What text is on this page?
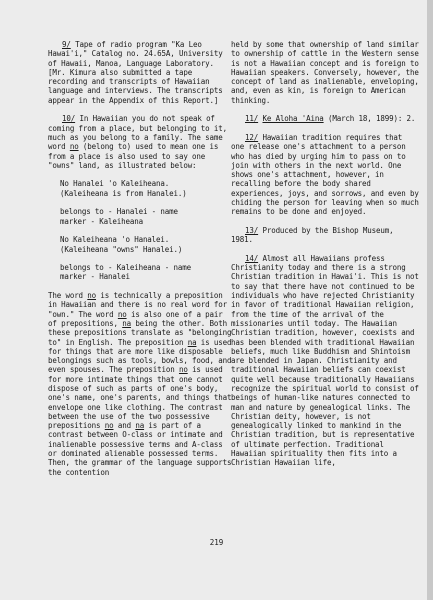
9/ Tape of radio program "Ka Leo Hawai'i," Catalog no. 24.65A, University of Hawaii, Manoa, Language Laboratory. [Mr. Kimura also submitted a tape recording and transcripts of Hawaiian language and interviews. The transcripts appear in the Appendix of this Report.]

10/ In Hawaiian you do not speak of coming from a place, but belonging to it, much as you belong to a family. The same word no (belong to) used to mean one is from a place is also used to say one "owns" land, as illustrated below:

No Hanalei 'o Kaleiheana.
(Kaleiheana is from Hanalei.)

belongs to - Hanalei - name
marker - Kaleiheana

No Kaleiheana 'o Hanalei.
(Kaleiheana "owns" Hanalei.)

belongs to - Kaleiheana - name
marker - Hanalei

The word no is technically a preposition in Hawaiian and there is no real word for "own." The word no is also one of a pair of prepositions, na being the other. Both these prepositions translate as "belonging to" in English. The preposition na is used for things that are more like disposable belongings such as tools, bowls, food, and even spouses. The preposition no is used for more intimate things that one cannot dispose of such as parts of one's body, one's name, one's parents, and things that envelope one like clothing. The contrast between the use of the two possessive prepositions no and na is part of a contrast between O-class or intimate and inalienable possessive terms and A-class or dominated alienable possessed terms. Then, the grammar of the language supports the contention

held by some that ownership of land similar to ownership of cattle in the Western sense is not a Hawaiian concept and is foreign to Hawaiian speakers. Conversely, however, the concept of land as inalienable, enveloping, and, even as kin, is foreign to American thinking.

11/ Ke Aloha 'Aina (March 18, 1899): 2.

12/ Hawaiian tradition requires that one release one's attachment to a person who has died by urging him to pass on to join with others in the next world. One shows one's attachment, however, in recalling before the body shared experiences, joys, and sorrows, and even by chiding the person for leaving when so much remains to be done and enjoyed.

13/ Produced by the Bishop Museum, 1981.

14/ Almost all Hawaiians profess Christianity today and there is a strong Christian tradition in Hawai'i. This is not to say that there have not continued to be individuals who have rejected Christianity in favor of traditional Hawaiian religion, from the time of the arrival of the missionaries until today. The Hawaiian Christian tradition, however, coexists and has been blended with traditional Hawaiian beliefs, much like Buddhism and Shintoism are blended in Japan. Christianity and traditional Hawaiian beliefs can coexist quite well because traditionally Hawaiians recognize the spiritual world to consist of beings of human-like natures connected to man and nature by genealogical links. The Christian deity, however, is not genealogically linked to mankind in the Christian tradition, but is representative of ultimate perfection. Traditional Hawaiian spirituality then fits into a Christian Hawaiian life,

219
